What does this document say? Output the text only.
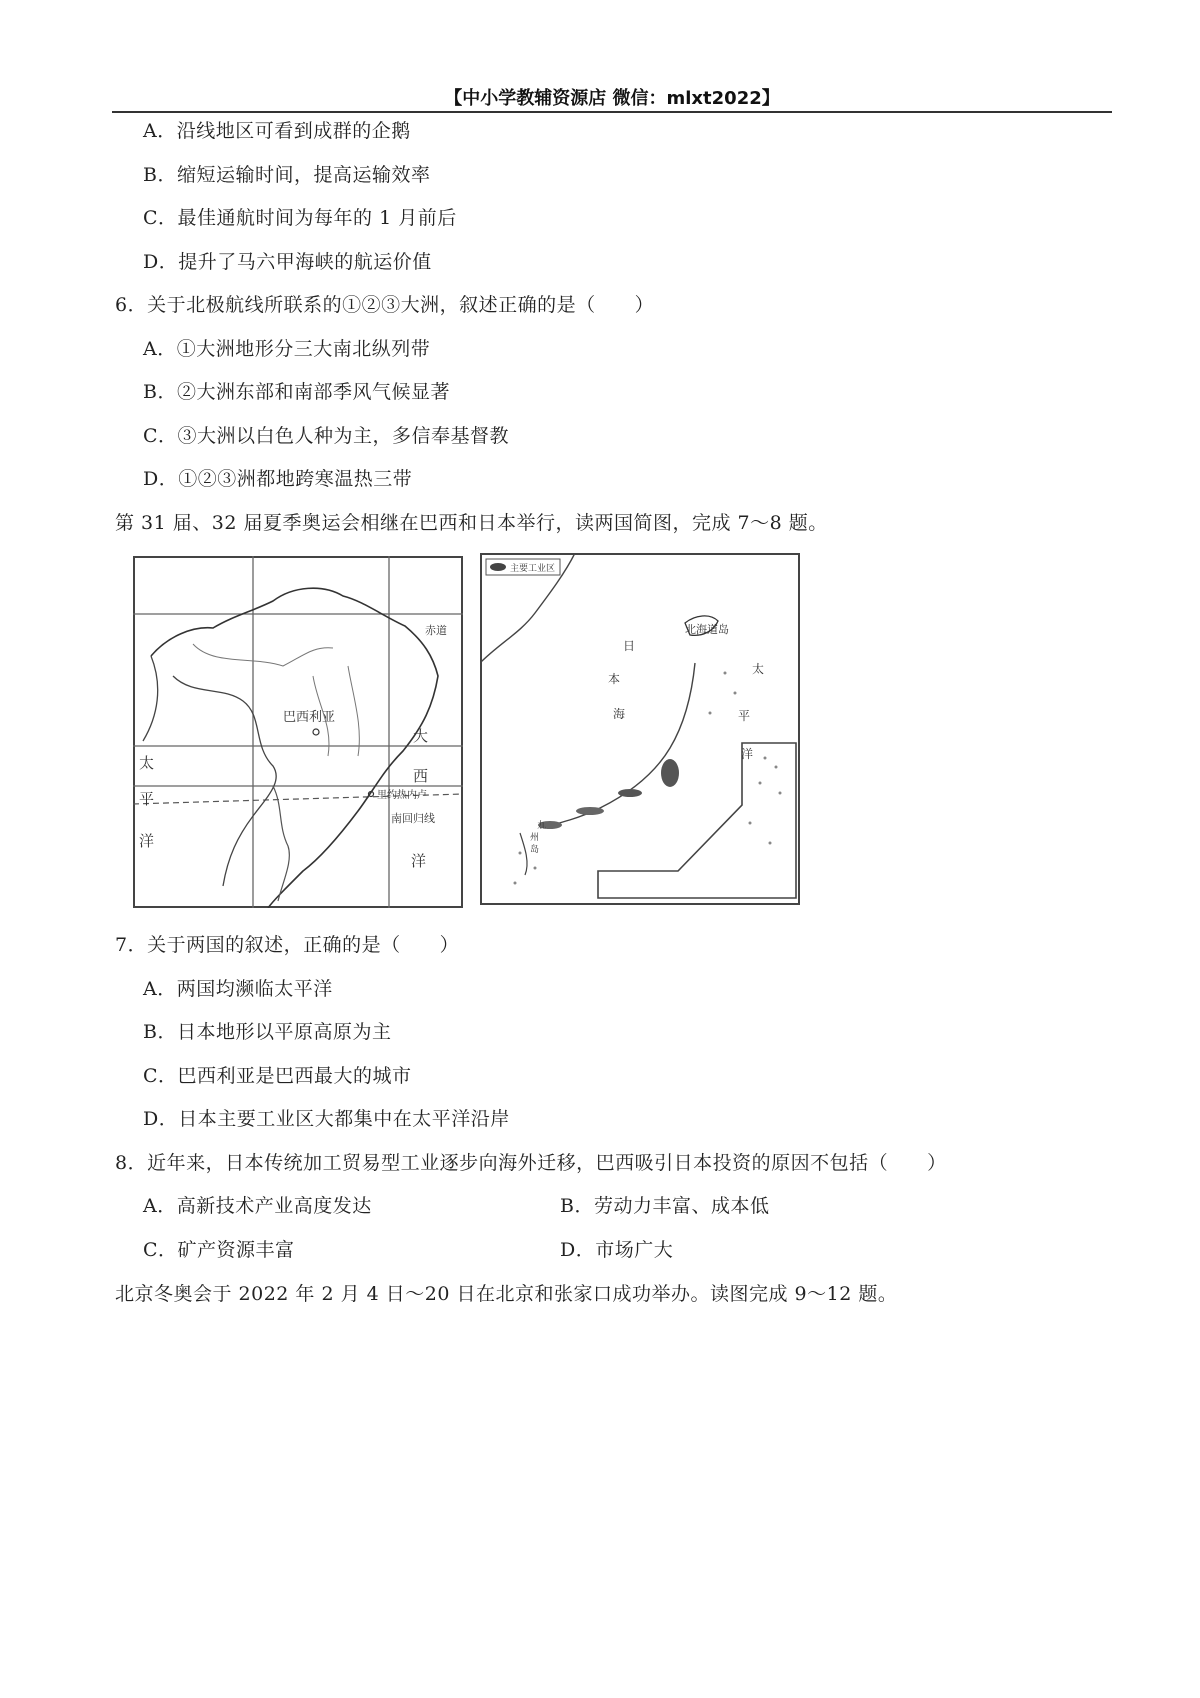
【中小学教辅资源店 微信：mlxt2022】
A．沿线地区可看到成群的企鹅
B．缩短运输时间，提高运输效率
C．最佳通航时间为每年的 1 月前后
D．提升了马六甲海峡的航运价值
6．关于北极航线所联系的①②③大洲，叙述正确的是（　　）
A．①大洲地形分三大南北纵列带
B．②大洲东部和南部季风气候显著
C．③大洲以白色人种为主，多信奉基督教
D．①②③洲都地跨寒温热三带
第 31 届、32 届夏季奥运会相继在巴西和日本举行，读两国简图，完成 7～8 题。
赤道
巴西利亚
大
西
洋
太
平
洋
里约热内卢
南回归线
主要工业区
北海道岛
日
本
海
太
平
洋
九
州
岛
7．关于两国的叙述，正确的是（　　）
A．两国均濒临太平洋
B．日本地形以平原高原为主
C．巴西利亚是巴西最大的城市
D．日本主要工业区大都集中在太平洋沿岸
8．近年来，日本传统加工贸易型工业逐步向海外迁移，巴西吸引日本投资的原因不包括（　　）
A．高新技术产业高度发达	B．劳动力丰富、成本低
C．矿产资源丰富	D．市场广大
北京冬奥会于 2022 年 2 月 4 日～20 日在北京和张家口成功举办。读图完成 9～12 题。
